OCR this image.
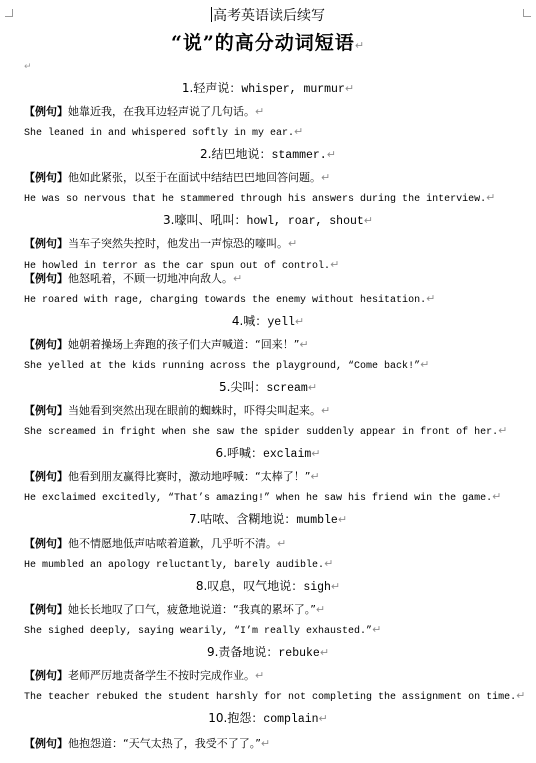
高考英语读后续写
“说”的高分动词短语↵
↵
1.轻声说：whisper, murmur↵
【例句】她靠近我，在我耳边轻声说了几句话。↵
She leaned in and whispered softly in my ear.↵
2.结巴地说：stammer.↵
【例句】他如此紧张，以至于在面试中结结巴巴地回答问题。↵
He was so nervous that he stammered through his answers during the interview.↵
3.嚎叫、吼叫：howl, roar, shout↵
【例句】当车子突然失控时，他发出一声惊恐的嚎叫。↵
He howled in terror as the car spun out of control.↵
【例句】他怒吼着，不顾一切地冲向敌人。↵
He roared with rage, charging towards the enemy without hesitation.↵
4.喊：yell↵
【例句】她朝着操场上奔跑的孩子们大声喊道：“回来！”↵
She yelled at the kids running across the playground, “Come back!”↵
5.尖叫：scream↵
【例句】当她看到突然出现在眼前的蜘蛛时，吓得尖叫起来。↵
She screamed in fright when she saw the spider suddenly appear in front of her.↵
6.呼喊：exclaim↵
【例句】他看到朋友赢得比赛时，激动地呼喊：“太棒了！”↵
He exclaimed excitedly, “That’s amazing!” when he saw his friend win the game.↵
7.咕哝、含糊地说：mumble↵
【例句】他不情愿地低声咕哝着道歉，几乎听不清。↵
He mumbled an apology reluctantly, barely audible.↵
8.叹息，叹气地说：sigh↵
【例句】她长长地叹了口气，疲惫地说道：“我真的累坏了。”↵
She sighed deeply, saying wearily, “I’m really exhausted.”↵
9.责备地说：rebuke↵
【例句】老师严厉地责备学生不按时完成作业。↵
The teacher rebuked the student harshly for not completing the assignment on time.↵
10.抱怨：complain↵
【例句】他抱怨道：“天气太热了，我受不了了。”↵
